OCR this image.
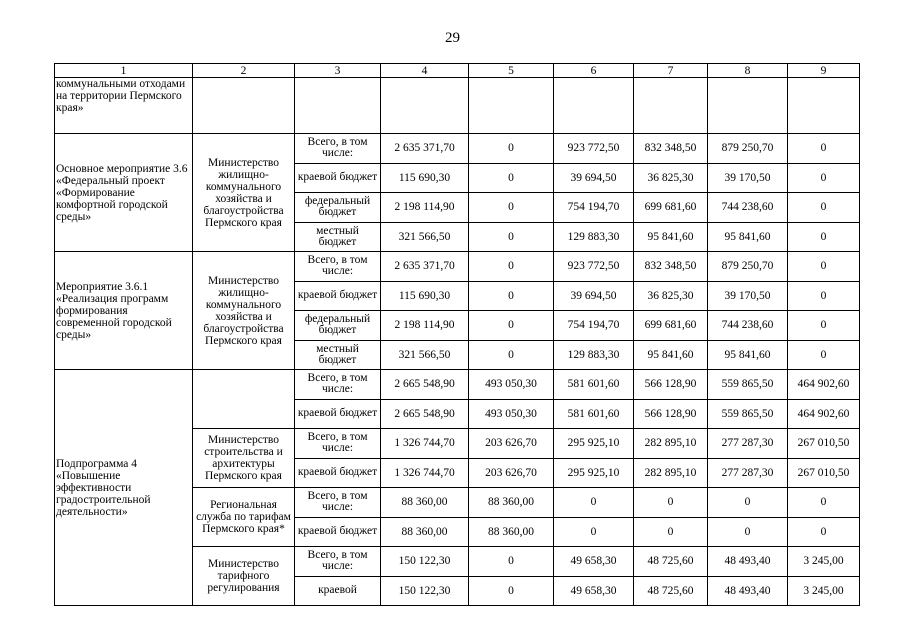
29
1	2	3	4	5	6	7	8	9
коммунальными отходами на территории Пермского края»								
Основное мероприятие 3.6 «Федеральный проект «Формирование комфортной городской среды»	Министерство жилищно-коммунального хозяйства и благоустройства Пермского края	Всего, в том числе:	2 635 371,70	0	923 772,50	832 348,50	879 250,70	0
		краевой бюджет	115 690,30	0	39 694,50	36 825,30	39 170,50	0
		федеральный бюджет	2 198 114,90	0	754 194,70	699 681,60	744 238,60	0
		местный бюджет	321 566,50	0	129 883,30	95 841,60	95 841,60	0
Мероприятие 3.6.1 «Реализация программ формирования современной городской среды»	Министерство жилищно-коммунального хозяйства и благоустройства Пермского края	Всего, в том числе:	2 635 371,70	0	923 772,50	832 348,50	879 250,70	0
		краевой бюджет	115 690,30	0	39 694,50	36 825,30	39 170,50	0
		федеральный бюджет	2 198 114,90	0	754 194,70	699 681,60	744 238,60	0
		местный бюджет	321 566,50	0	129 883,30	95 841,60	95 841,60	0
Подпрограмма 4 «Повышение эффективности градостроительной деятельности»		Всего, в том числе:	2 665 548,90	493 050,30	581 601,60	566 128,90	559 865,50	464 902,60
		краевой бюджет	2 665 548,90	493 050,30	581 601,60	566 128,90	559 865,50	464 902,60
	Министерство строительства и архитектуры Пермского края	Всего, в том числе:	1 326 744,70	203 626,70	295 925,10	282 895,10	277 287,30	267 010,50
		краевой бюджет	1 326 744,70	203 626,70	295 925,10	282 895,10	277 287,30	267 010,50
	Региональная служба по тарифам Пермского края*	Всего, в том числе:	88 360,00	88 360,00	0	0	0	0
		краевой бюджет	88 360,00	88 360,00	0	0	0	0
	Министерство тарифного регулирования	Всего, в том числе:	150 122,30	0	49 658,30	48 725,60	48 493,40	3 245,00
		краевой	150 122,30	0	49 658,30	48 725,60	48 493,40	3 245,00
